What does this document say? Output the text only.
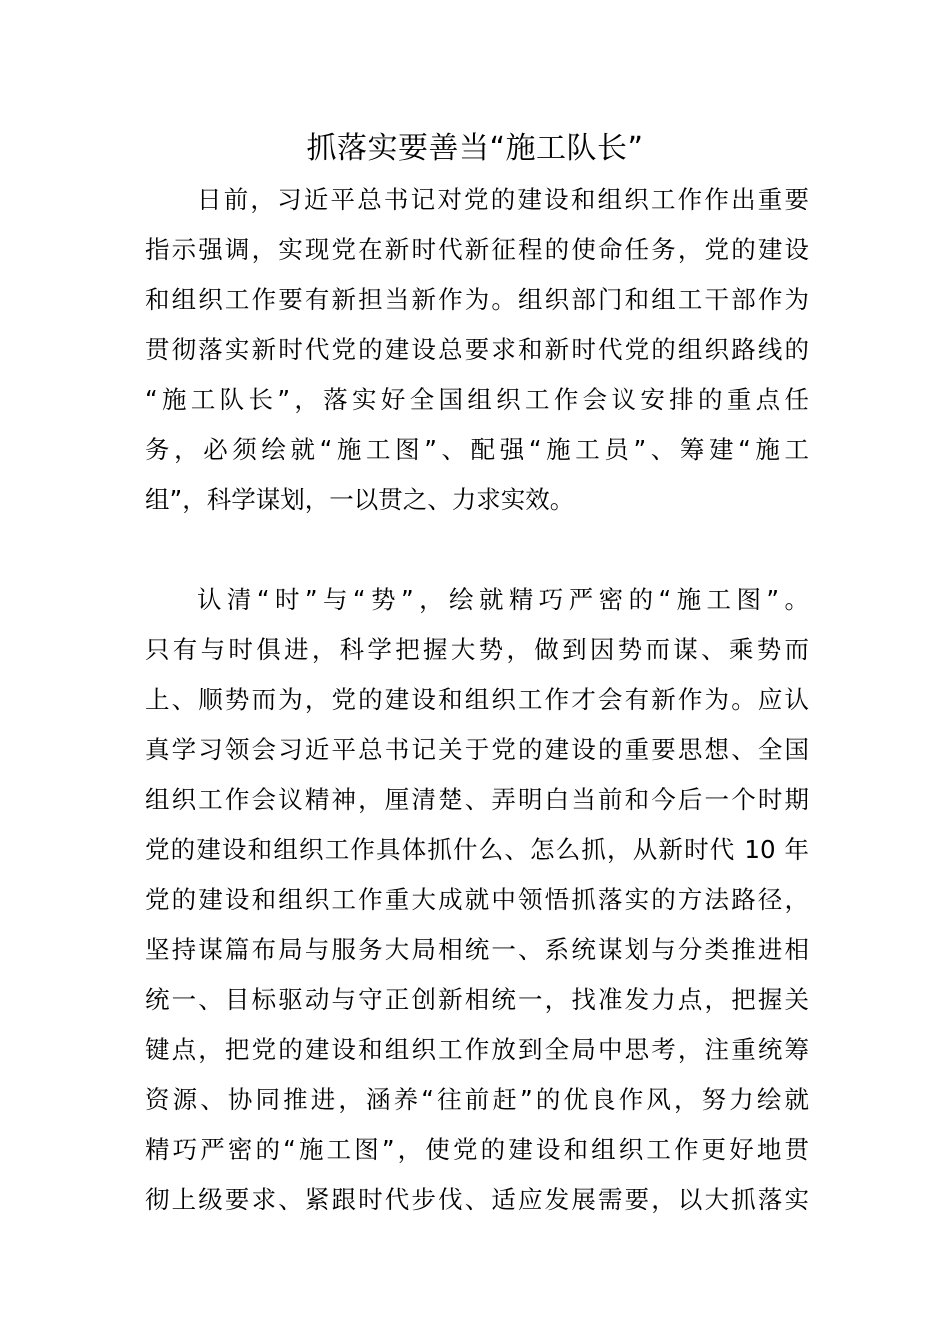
抓落实要善当“施工队长”
日前，习近平总书记对党的建设和组织工作作出重要
指示强调，实现党在新时代新征程的使命任务，党的建设
和组织工作要有新担当新作为。组织部门和组工干部作为
贯彻落实新时代党的建设总要求和新时代党的组织路线的
“施工队长”，落实好全国组织工作会议安排的重点任
务，必须绘就“施工图”、配强“施工员”、筹建“施工
组”，科学谋划，一以贯之、力求实效。
认清“时”与“势”，绘就精巧严密的“施工图”。
只有与时俱进，科学把握大势，做到因势而谋、乘势而
上、顺势而为，党的建设和组织工作才会有新作为。应认
真学习领会习近平总书记关于党的建设的重要思想、全国
组织工作会议精神，厘清楚、弄明白当前和今后一个时期
党的建设和组织工作具体抓什么、怎么抓，从新时代 10 年
党的建设和组织工作重大成就中领悟抓落实的方法路径，
坚持谋篇布局与服务大局相统一、系统谋划与分类推进相
统一、目标驱动与守正创新相统一，找准发力点，把握关
键点，把党的建设和组织工作放到全局中思考，注重统筹
资源、协同推进，涵养“往前赶”的优良作风，努力绘就
精巧严密的“施工图”，使党的建设和组织工作更好地贯
彻上级要求、紧跟时代步伐、适应发展需要，以大抓落实
